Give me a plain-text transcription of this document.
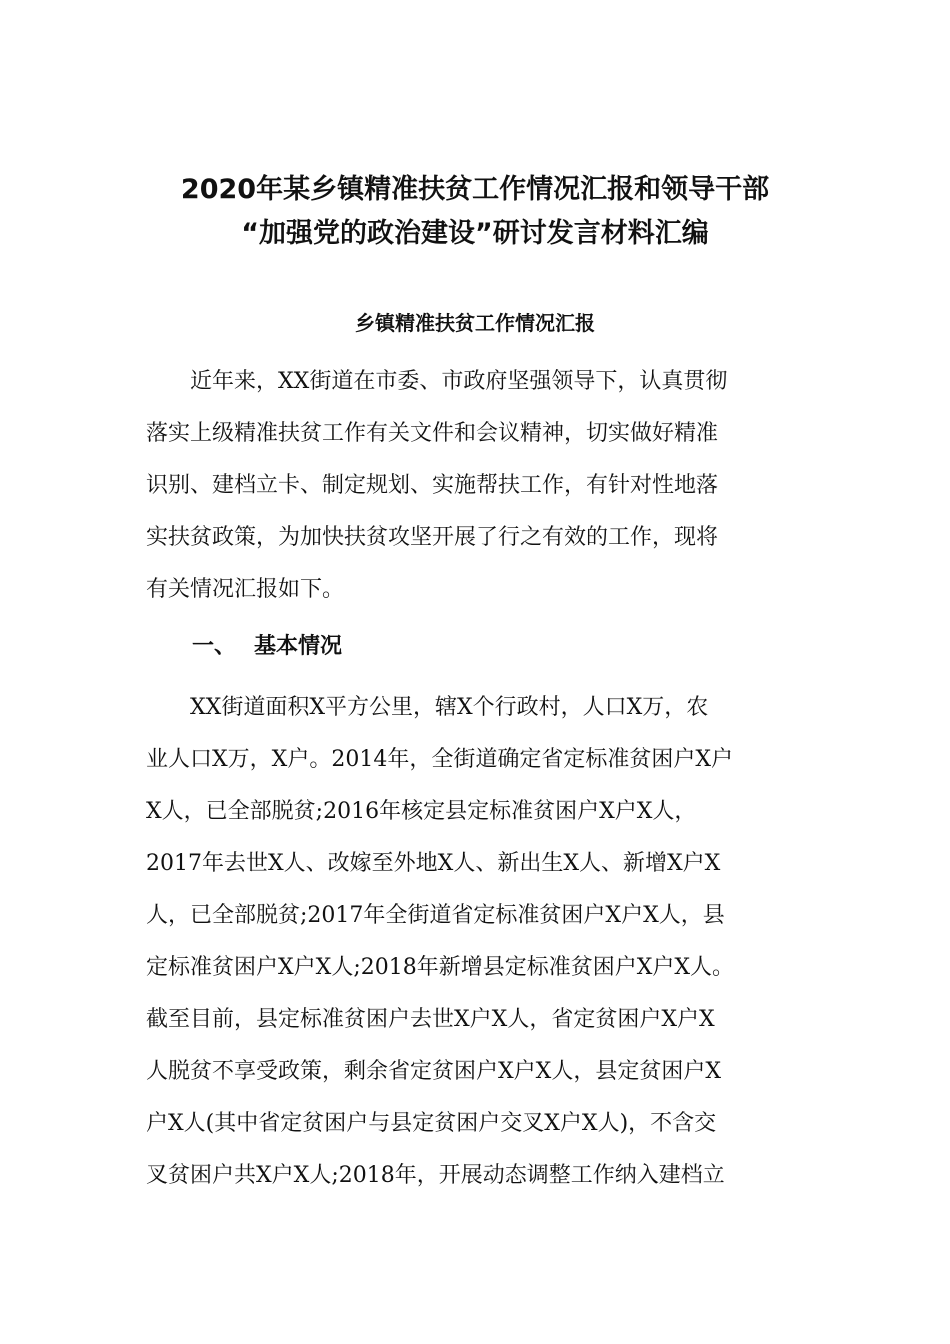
2020年某乡镇精准扶贫工作情况汇报和领导干部
“加强党的政治建设”研讨发言材料汇编
乡镇精准扶贫工作情况汇报
　　近年来，XX街道在市委、市政府坚强领导下，认真贯彻
落实上级精准扶贫工作有关文件和会议精神，切实做好精准
识别、建档立卡、制定规划、实施帮扶工作，有针对性地落
实扶贫政策，为加快扶贫攻坚开展了行之有效的工作，现将
有关情况汇报如下。
一、 基本情况
　　XX街道面积X平方公里，辖X个行政村，人口X万，农
业人口X万，X户。2014年，全街道确定省定标准贫困户X户
X人，已全部脱贫;2016年核定县定标准贫困户X户X人，
2017年去世X人、改嫁至外地X人、新出生X人、新增X户X
人，已全部脱贫;2017年全街道省定标准贫困户X户X人，县
定标准贫困户X户X人;2018年新增县定标准贫困户X户X人。
截至目前，县定标准贫困户去世X户X人，省定贫困户X户X
人脱贫不享受政策，剩余省定贫困户X户X人，县定贫困户X
户X人(其中省定贫困户与县定贫困户交叉X户X人)，不含交
叉贫困户共X户X人;2018年，开展动态调整工作纳入建档立
